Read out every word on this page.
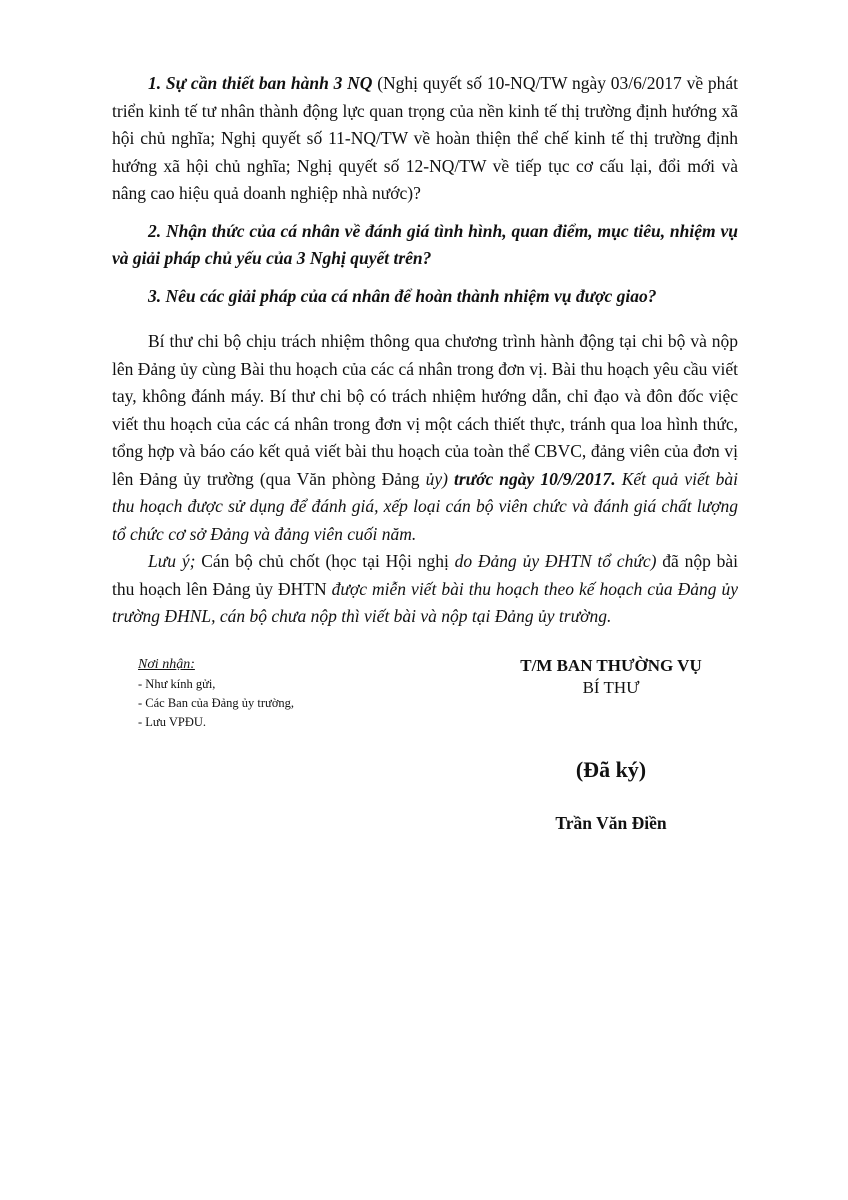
1. Sự cần thiết ban hành 3 NQ (Nghị quyết số 10-NQ/TW ngày 03/6/2017 về phát triển kinh tế tư nhân thành động lực quan trọng của nền kinh tế thị trường định hướng xã hội chủ nghĩa; Nghị quyết số 11-NQ/TW về hoàn thiện thể chế kinh tế thị trường định hướng xã hội chủ nghĩa; Nghị quyết số 12-NQ/TW về tiếp tục cơ cấu lại, đổi mới và nâng cao hiệu quả doanh nghiệp nhà nước)?

2. Nhận thức của cá nhân về đánh giá tình hình, quan điểm, mục tiêu, nhiệm vụ và giải pháp chủ yếu của 3 Nghị quyết trên?

3. Nêu các giải pháp của cá nhân để hoàn thành nhiệm vụ được giao?

Bí thư chi bộ chịu trách nhiệm thông qua chương trình hành động tại chi bộ và nộp lên Đảng ủy cùng Bài thu hoạch của các cá nhân trong đơn vị. Bài thu hoạch yêu cầu viết tay, không đánh máy. Bí thư chi bộ có trách nhiệm hướng dẫn, chỉ đạo và đôn đốc việc viết thu hoạch của các cá nhân trong đơn vị một cách thiết thực, tránh qua loa hình thức, tổng hợp và báo cáo kết quả viết bài thu hoạch của toàn thể CBVC, đảng viên của đơn vị lên Đảng ủy trường (qua Văn phòng Đảng ủy) trước ngày 10/9/2017. Kết quả viết bài thu hoạch được sử dụng để đánh giá, xếp loại cán bộ viên chức và đánh giá chất lượng tổ chức cơ sở Đảng và đảng viên cuối năm.

Lưu ý; Cán bộ chủ chốt (học tại Hội nghị do Đảng ủy ĐHTN tổ chức) đã nộp bài thu hoạch lên Đảng ủy ĐHTN được miễn viết bài thu hoạch theo kế hoạch của Đảng ủy trường ĐHNL, cán bộ chưa nộp thì viết bài và nộp tại Đảng ủy trường.

Nơi nhận:
- Như kính gửi,
- Các Ban của Đảng ủy trường,
- Lưu VPĐU.
T/M BAN THƯỜNG VỤ
BÍ THƯ
(Đã ký)
Trần Văn Điền
